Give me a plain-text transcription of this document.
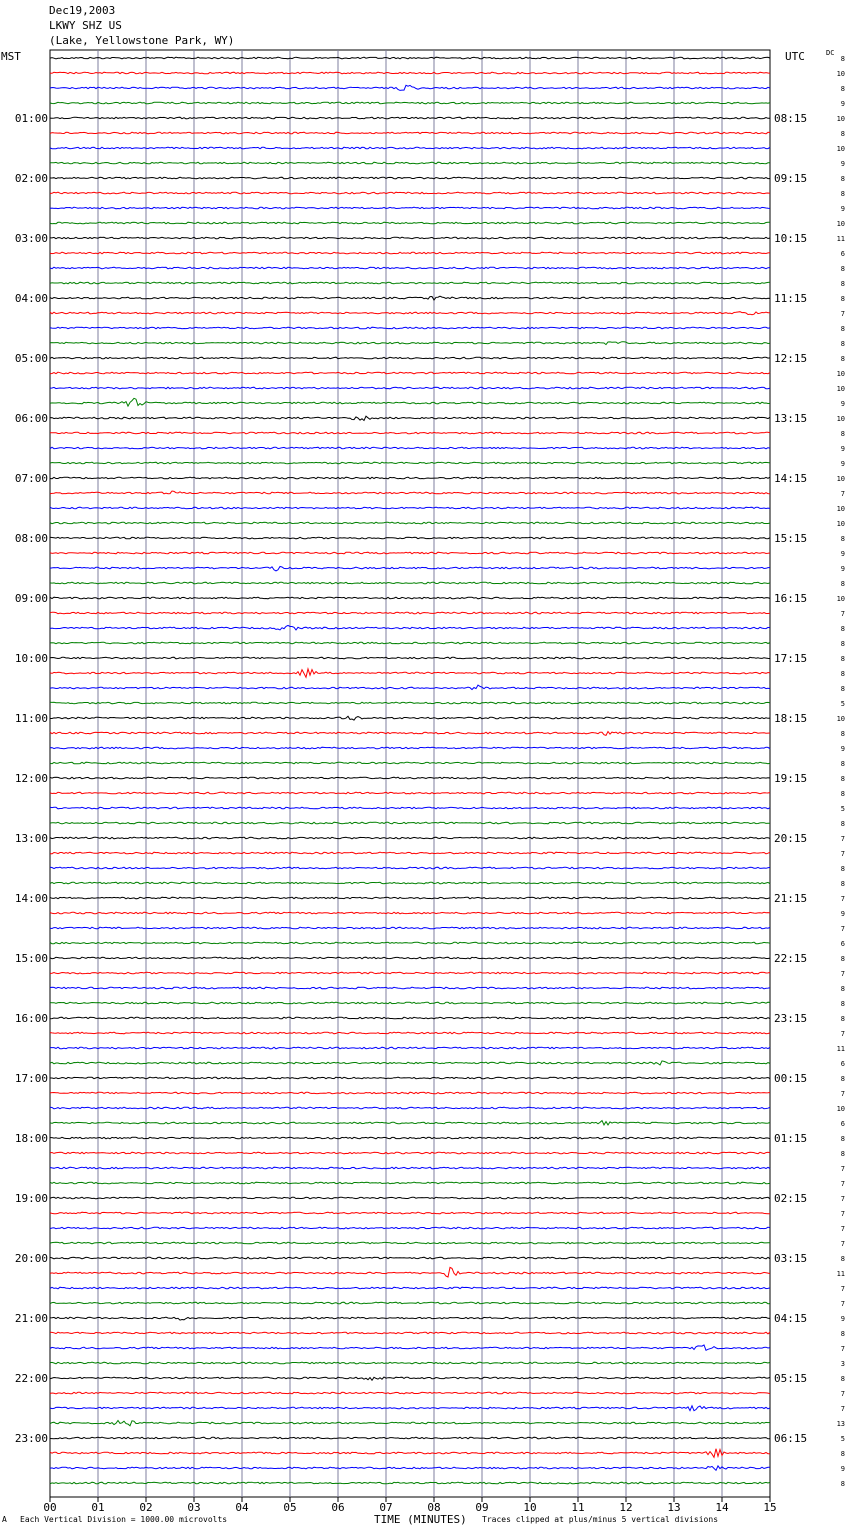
Dec19,2003
LKWY SHZ US
(Lake, Yellowstone Park, WY)
MST	UTC	DC
01:00
02:00
03:00
04:00
05:00
06:00
07:00
08:00
09:00
10:00
11:00
12:00
13:00
14:00
15:00
16:00
17:00
18:00
19:00
20:00
21:00
22:00
23:00
08:15
09:15
10:15
11:15
12:15
13:15
14:15
15:15
16:15
17:15
18:15
19:15
20:15
21:15
22:15
23:15
00:15
01:15
02:15
03:15
04:15
05:15
06:15
8
10
8
9
10
8
10
9
8
8
9
10
11
6
8
8
8
7
8
8
8
10
10
9
10
8
9
9
10
7
10
10
8
9
9
8
10
7
8
8
8
8
8
5
10
8
9
8
8
8
5
8
7
7
8
8
7
9
7
6
8
7
8
8
8
7
11
6
8
7
10
6
8
8
7
7
7
7
7
7
8
11
7
7
9
8
7
3
8
7
7
13
5
8
9
8
00	01	02	03	04	05	06	07	08	09	10	11	12	13	14	15
A Each Vertical Division = 1000.00 microvolts	TIME (MINUTES) Traces clipped at plus/minus 5 vertical divisions
